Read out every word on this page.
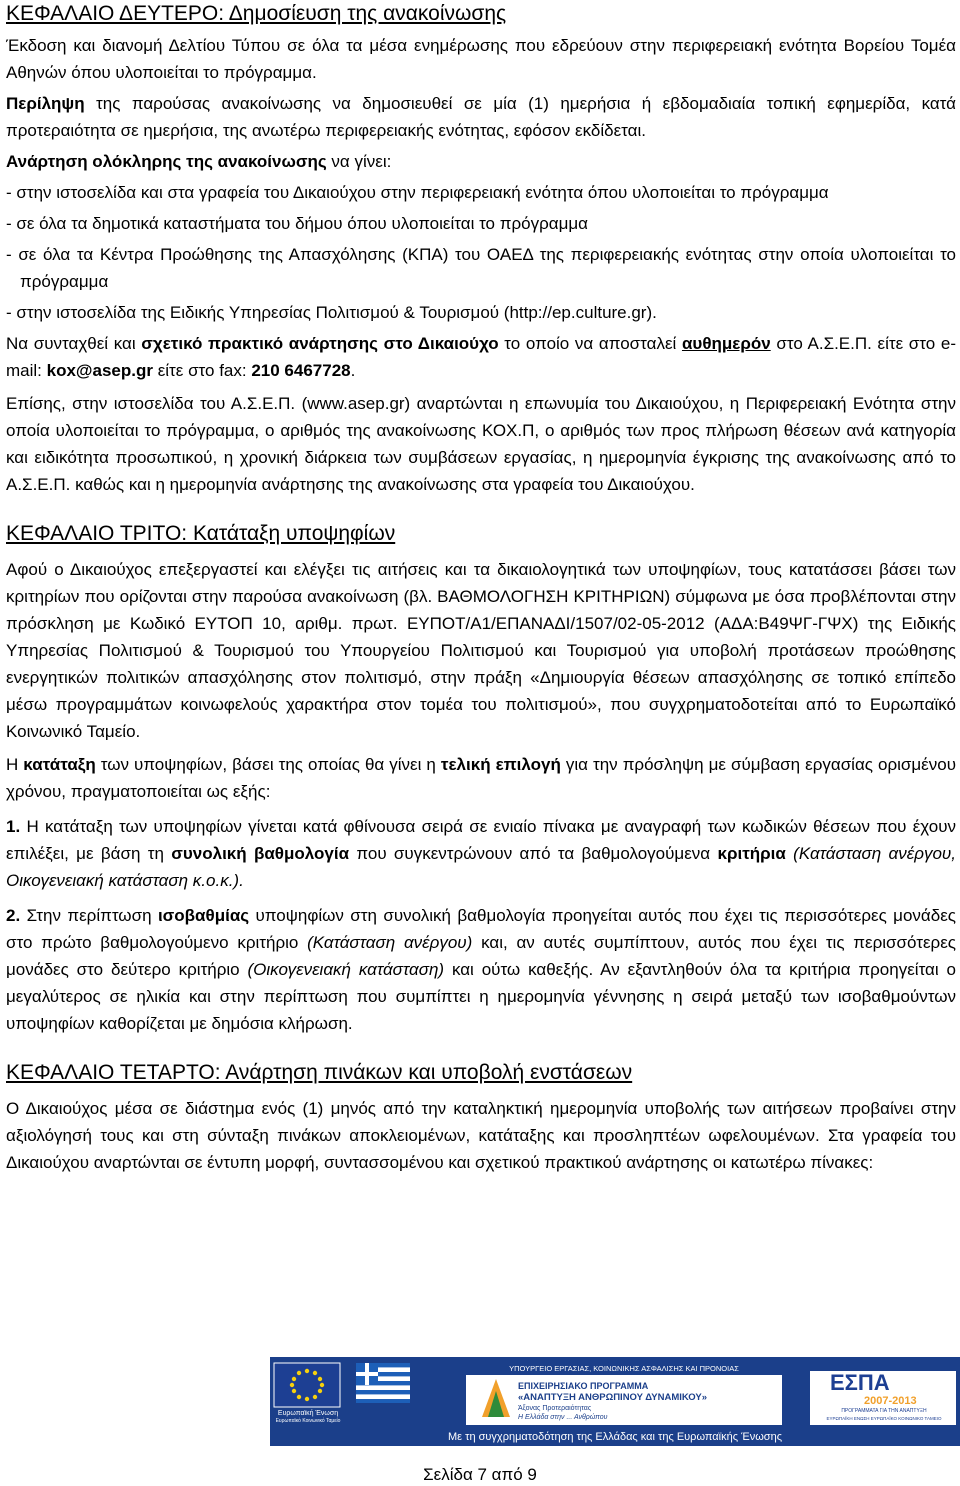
ΚΕΦΑΛΑΙΟ ΔΕΥΤΕΡΟ: Δημοσίευση της ανακοίνωσης

Έκδοση και διανομή Δελτίου Τύπου σε όλα τα μέσα ενημέρωσης που εδρεύουν στην περιφερειακή ενότητα Βορείου Τομέα Αθηνών όπου υλοποιείται το πρόγραμμα.

Περίληψη της παρούσας ανακοίνωσης να δημοσιευθεί σε μία (1) ημερήσια ή εβδομαδιαία τοπική εφημερίδα, κατά προτεραιότητα σε ημερήσια, της ανωτέρω περιφερειακής ενότητας, εφόσον εκδίδεται.

Ανάρτηση ολόκληρης της ανακοίνωσης να γίνει:

- στην ιστοσελίδα και στα γραφεία του Δικαιούχου στην περιφερειακή ενότητα όπου υλοποιείται το πρόγραμμα

- σε όλα τα δημοτικά καταστήματα του δήμου όπου υλοποιείται το πρόγραμμα

- σε όλα τα Κέντρα Προώθησης της Απασχόλησης (ΚΠΑ) του ΟΑΕΔ της περιφερειακής ενότητας στην οποία υλοποιείται το πρόγραμμα

- στην ιστοσελίδα της Ειδικής Υπηρεσίας Πολιτισμού & Τουρισμού (http://ep.culture.gr).

Να συνταχθεί και σχετικό πρακτικό ανάρτησης στο Δικαιούχο το οποίο να αποσταλεί αυθημερόν στο Α.Σ.Ε.Π. είτε στο e-mail: kox@asep.gr είτε στο fax: 210 6467728.

Επίσης, στην ιστοσελίδα του Α.Σ.Ε.Π. (www.asep.gr) αναρτώνται η επωνυμία του Δικαιούχου, η Περιφερειακή Ενότητα στην οποία υλοποιείται το πρόγραμμα, ο αριθμός της ανακοίνωσης ΚΟΧ.Π, ο αριθμός των προς πλήρωση θέσεων ανά κατηγορία και ειδικότητα προσωπικού, η χρονική διάρκεια των συμβάσεων εργασίας, η ημερομηνία έγκρισης της ανακοίνωσης από το Α.Σ.Ε.Π. καθώς και η ημερομηνία ανάρτησης της ανακοίνωσης στα γραφεία του Δικαιούχου.

ΚΕΦΑΛΑΙΟ ΤΡΙΤΟ: Κατάταξη υποψηφίων

Αφού ο Δικαιούχος επεξεργαστεί και ελέγξει τις αιτήσεις και τα δικαιολογητικά των υποψηφίων, τους κατατάσσει βάσει των κριτηρίων που ορίζονται στην παρούσα ανακοίνωση (βλ. ΒΑΘΜΟΛΟΓΗΣΗ ΚΡΙΤΗΡΙΩΝ) σύμφωνα με όσα προβλέπονται στην πρόσκληση με Κωδικό ΕΥΤΟΠ 10, αριθμ. πρωτ. ΕΥΠΟΤ/Α1/ΕΠΑΝΑΔΙ/1507/02-05-2012 (ΑΔΑ:Β49ΨΓ-ΓΨΧ) της Ειδικής Υπηρεσίας Πολιτισμού & Τουρισμού του Υπουργείου Πολιτισμού και Τουρισμού για υποβολή προτάσεων προώθησης ενεργητικών πολιτικών απασχόλησης στον πολιτισμό, στην πράξη «Δημιουργία θέσεων απασχόλησης σε τοπικό επίπεδο μέσω προγραμμάτων κοινωφελούς χαρακτήρα στον τομέα του πολιτισμού», που συγχρηματοδοτείται από το Ευρωπαϊκό Κοινωνικό Ταμείο.

Η κατάταξη των υποψηφίων, βάσει της οποίας θα γίνει η τελική επιλογή για την πρόσληψη με σύμβαση εργασίας ορισμένου χρόνου, πραγματοποιείται ως εξής:

1. Η κατάταξη των υποψηφίων γίνεται κατά φθίνουσα σειρά σε ενιαίο πίνακα με αναγραφή των κωδικών θέσεων που έχουν επιλέξει, με βάση τη συνολική βαθμολογία που συγκεντρώνουν από τα βαθμολογούμενα κριτήρια (Κατάσταση ανέργου, Οικογενειακή κατάσταση κ.ο.κ.).

2. Στην περίπτωση ισοβαθμίας υποψηφίων στη συνολική βαθμολογία προηγείται αυτός που έχει τις περισσότερες μονάδες στο πρώτο βαθμολογούμενο κριτήριο (Κατάσταση ανέργου) και, αν αυτές συμπίπτουν, αυτός που έχει τις περισσότερες μονάδες στο δεύτερο κριτήριο (Οικογενειακή κατάσταση) και ούτω καθεξής. Αν εξαντληθούν όλα τα κριτήρια προηγείται ο μεγαλύτερος σε ηλικία και στην περίπτωση που συμπίπτει η ημερομηνία γέννησης η σειρά μεταξύ των ισοβαθμούντων υποψηφίων καθορίζεται με δημόσια κλήρωση.

ΚΕΦΑΛΑΙΟ ΤΕΤΑΡΤΟ: Ανάρτηση πινάκων και υποβολή ενστάσεων

Ο Δικαιούχος μέσα σε διάστημα ενός (1) μηνός από την καταληκτική ημερομηνία υποβολής των αιτήσεων προβαίνει στην αξιολόγησή τους και στη σύνταξη πινάκων αποκλειομένων, κατάταξης και προσληπτέων ωφελουμένων. Στα γραφεία του Δικαιούχου αναρτώνται σε έντυπη μορφή, συντασσομένου και σχετικού πρακτικού ανάρτησης οι κατωτέρω πίνακες:

Ευρωπαϊκή Ένωση
Ευρωπαϊκό Κοινωνικό Ταμείο
ΥΠΟΥΡΓΕΙΟ ΕΡΓΑΣΙΑΣ, ΚΟΙΝΩΝΙΚΗΣ ΑΣΦΑΛΙΣΗΣ ΚΑΙ ΠΡΟΝΟΙΑΣ
ΕΠΙΧΕΙΡΗΣΙΑΚΟ ΠΡΟΓΡΑΜΜΑ
«ΑΝΑΠΤΥΞΗ ΑΝΘΡΩΠΙΝΟΥ ΔΥΝΑΜΙΚΟΥ»
Άξονας Προτεραιότητας
Η Ελλάδα στην ... Ανθρώπου
ΕΣΠΑ
2007-2013
ΠΡΟΓΡΑΜΜΑΤΑ ΓΙΑ ΤΗΝ ΑΝΑΠΤΥΞΗ
ΕΥΡΩΠΑΪΚΗ ΕΝΩΣΗ ΕΥΡΩΠΑΪΚΟ ΚΟΙΝΩΝΙΚΟ ΤΑΜΕΙΟ
Με τη συγχρηματοδότηση της Ελλάδας και της Ευρωπαϊκής Ένωσης
Σελίδα 7 από 9
